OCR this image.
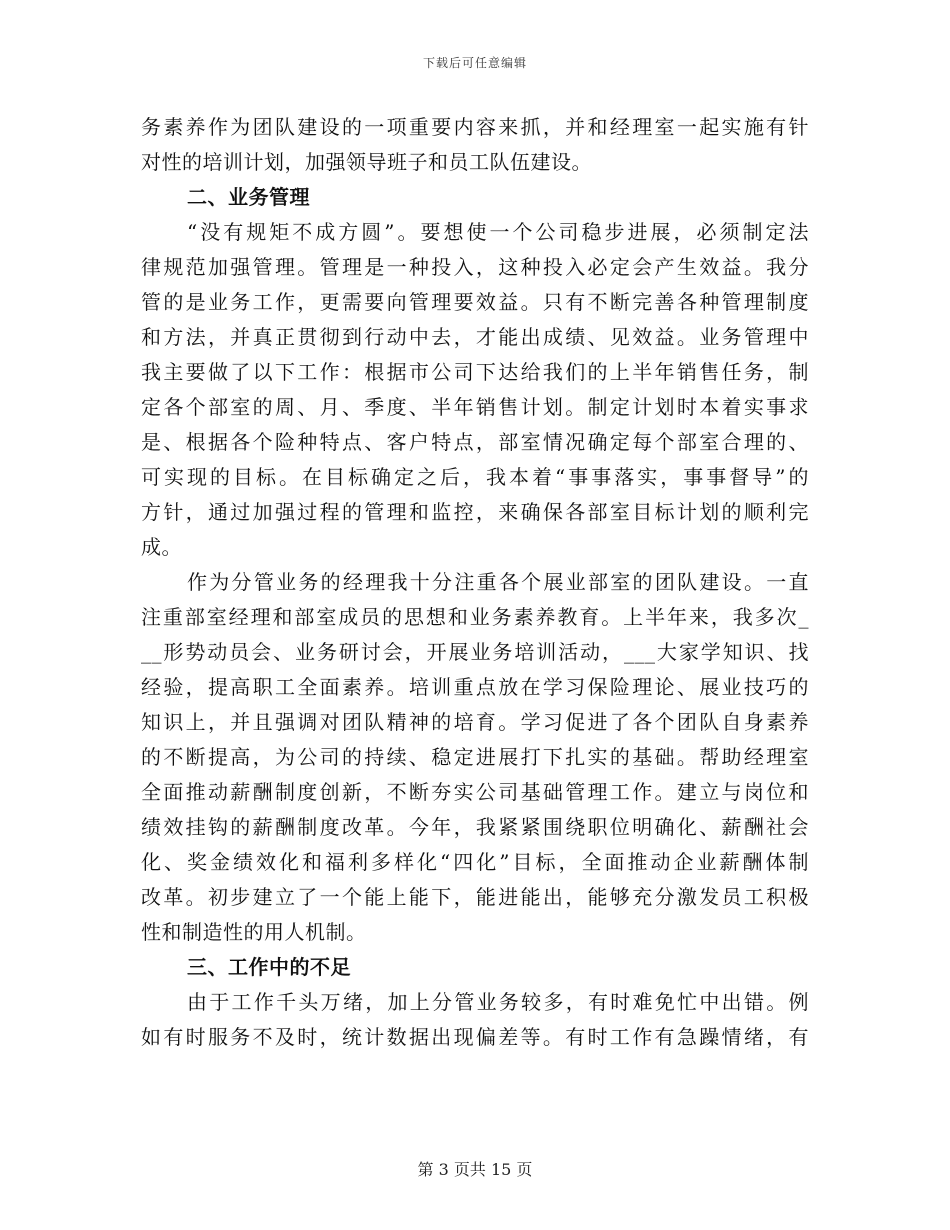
下载后可任意编辑
务素养作为团队建设的一项重要内容来抓，并和经理室一起实施有针
对性的培训计划，加强领导班子和员工队伍建设。
二、业务管理
“没有规矩不成方圆”。要想使一个公司稳步进展，必须制定法
律规范加强管理。管理是一种投入，这种投入必定会产生效益。我分
管的是业务工作，更需要向管理要效益。只有不断完善各种管理制度
和方法，并真正贯彻到行动中去，才能出成绩、见效益。业务管理中
我主要做了以下工作：根据市公司下达给我们的上半年销售任务，制
定各个部室的周、月、季度、半年销售计划。制定计划时本着实事求
是、根据各个险种特点、客户特点，部室情况确定每个部室合理的、
可实现的目标。在目标确定之后，我本着“事事落实，事事督导”的
方针，通过加强过程的管理和监控，来确保各部室目标计划的顺利完
成。
作为分管业务的经理我十分注重各个展业部室的团队建设。一直
注重部室经理和部室成员的思想和业务素养教育。上半年来，我多次_
__形势动员会、业务研讨会，开展业务培训活动，___大家学知识、找
经验，提高职工全面素养。培训重点放在学习保险理论、展业技巧的
知识上，并且强调对团队精神的培育。学习促进了各个团队自身素养
的不断提高，为公司的持续、稳定进展打下扎实的基础。帮助经理室
全面推动薪酬制度创新，不断夯实公司基础管理工作。建立与岗位和
绩效挂钩的薪酬制度改革。今年，我紧紧围绕职位明确化、薪酬社会
化、奖金绩效化和福利多样化“四化”目标，全面推动企业薪酬体制
改革。初步建立了一个能上能下，能进能出，能够充分激发员工积极
性和制造性的用人机制。
三、工作中的不足
由于工作千头万绪，加上分管业务较多，有时难免忙中出错。例
如有时服务不及时，统计数据出现偏差等。有时工作有急躁情绪，有
第 3 页共 15 页
